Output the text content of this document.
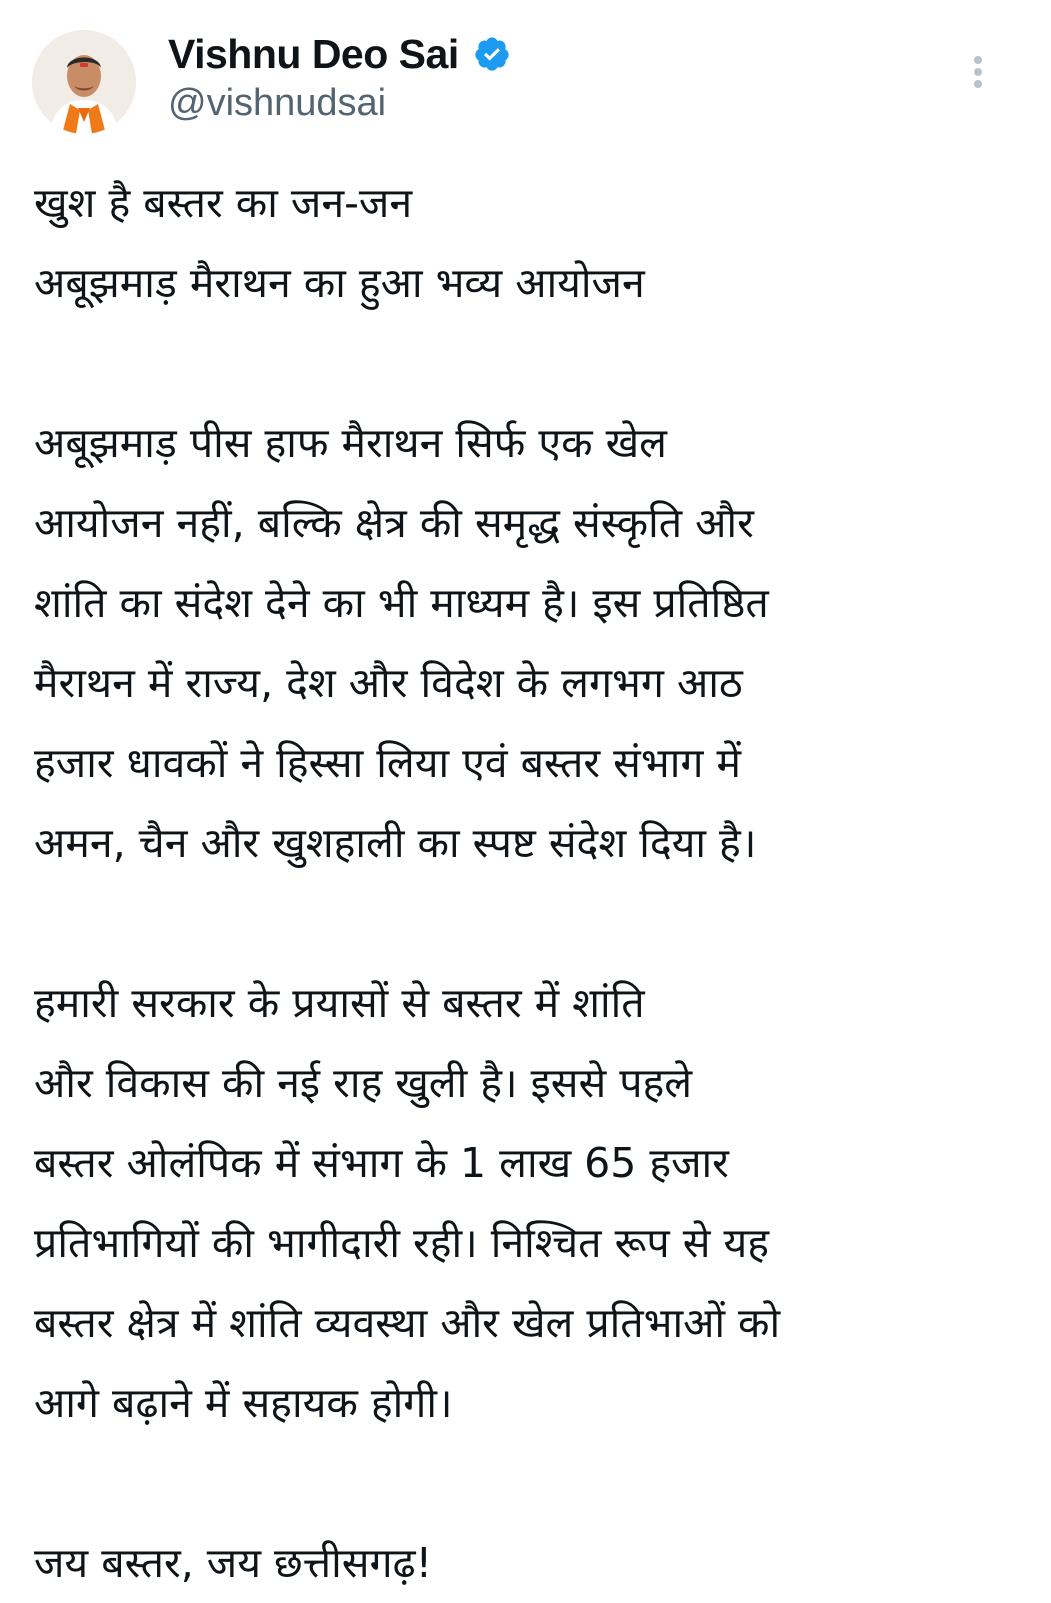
Vishnu Deo Sai
@vishnudsai
खुश है बस्तर का जन-जन
अबूझमाड़ मैराथन का हुआ भव्य आयोजन
अबूझमाड़ पीस हाफ मैराथन सिर्फ एक खेल
आयोजन नहीं, बल्कि क्षेत्र की समृद्ध संस्कृति और
शांति का संदेश देने का भी माध्यम है। इस प्रतिष्ठित
मैराथन में राज्य, देश और विदेश के लगभग आठ
हजार धावकों ने हिस्सा लिया एवं बस्तर संभाग में
अमन, चैन और खुशहाली का स्पष्ट संदेश दिया है।
हमारी सरकार के प्रयासों से बस्तर में शांति
और विकास की नई राह खुली है। इससे पहले
बस्तर ओलंपिक में संभाग के 1 लाख 65 हजार
प्रतिभागियों की भागीदारी रही। निश्चित रूप से यह
बस्तर क्षेत्र में शांति व्यवस्था और खेल प्रतिभाओं को
आगे बढ़ाने में सहायक होगी।
जय बस्तर, जय छत्तीसगढ़!
